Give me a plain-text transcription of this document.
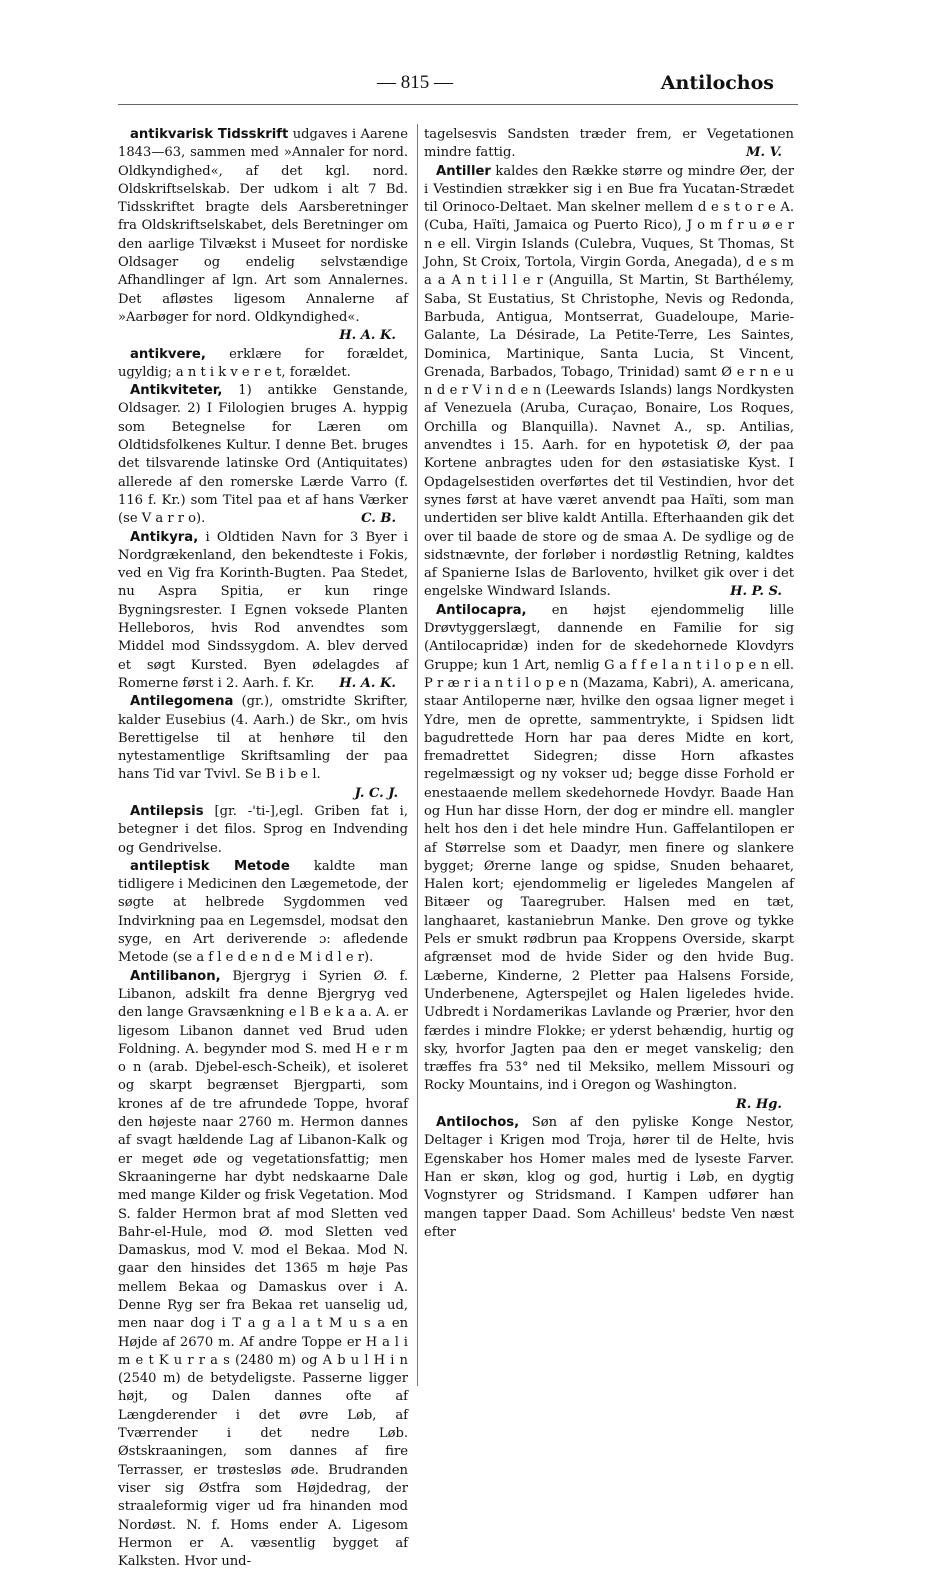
— 815 —	Antilochos

antikvarisk Tidsskrift udgaves i Aarene 1843—63, sammen med »Annaler for nord. Oldkyndighed«, af det kgl. nord. Oldskriftselskab. Der udkom i alt 7 Bd. Tidsskriftet bragte dels Aarsberetninger fra Oldskriftselskabet, dels Beretninger om den aarlige Tilvækst i Museet for nordiske Oldsager og endelig selvstændige Afhandlinger af lgn. Art som Annalernes. Det afløstes ligesom Annalerne af »Aarbøger for nord. Oldkyndighed«.
H. A. K.

antikvere, erklære for forældet, ugyldig; a n t i k v e r e t, forældet.

Antikviteter, 1) antikke Genstande, Oldsager. 2) I Filologien bruges A. hyppig som Betegnelse for Læren om Oldtidsfolkenes Kultur. I denne Bet. bruges det tilsvarende latinske Ord (Antiquitates) allerede af den romerske Lærde Varro (f. 116 f. Kr.) som Titel paa et af hans Værker (se V a r r o).	C. B.

Antikyra, i Oldtiden Navn for 3 Byer i Nordgrækenland, den bekendteste i Fokis, ved en Vig fra Korinth-Bugten. Paa Stedet, nu Aspra Spitia, er kun ringe Bygningsrester. I Egnen voksede Planten Helleboros, hvis Rod anvendtes som Middel mod Sindssygdom. A. blev derved et søgt Kursted. Byen ødelagdes af Romerne først i 2. Aarh. f. Kr.	H. A. K.

Antilegomena (gr.), omstridte Skrifter, kalder Eusebius (4. Aarh.) de Skr., om hvis Berettigelse til at henhøre til den nytestamentlige Skriftsamling der paa hans Tid var Tvivl. Se B i b e l.
J. C. J.

Antilepsis [gr. -'ti-],egl. Griben fat i, betegner i det filos. Sprog en Indvending og Gendrivelse.

antileptisk Metode kaldte man tidligere i Medicinen den Lægemetode, der søgte at helbrede Sygdommen ved Indvirkning paa en Legemsdel, modsat den syge, en Art deriverende ɔ: afledende Metode (se a f l e d e n d e M i d l e r).

Antilibanon, Bjergryg i Syrien Ø. f. Libanon, adskilt fra denne Bjergryg ved den lange Gravsænkning e l B e k a a. A. er ligesom Libanon dannet ved Brud uden Foldning. A. begynder mod S. med H e r m o n (arab. Djebel-esch-Scheik), et isoleret og skarpt begrænset Bjergparti, som krones af de tre afrundede Toppe, hvoraf den højeste naar 2760 m. Hermon dannes af svagt hældende Lag af Libanon-Kalk og er meget øde og vegetationsfattig; men Skraaningerne har dybt nedskaarne Dale med mange Kilder og frisk Vegetation. Mod S. falder Hermon brat af mod Sletten ved Bahr-el-Hule, mod Ø. mod Sletten ved Damaskus, mod V. mod el Bekaa. Mod N. gaar den hinsides det 1365 m høje Pas mellem Bekaa og Damaskus over i A. Denne Ryg ser fra Bekaa ret uanselig ud, men naar dog i T a g a l a t M u s a en Højde af 2670 m. Af andre Toppe er H a l i m e t K u r r a s (2480 m) og A b u l H i n (2540 m) de betydeligste. Passerne ligger højt, og Dalen dannes ofte af Længderender i det øvre Løb, af Tværrender i det nedre Løb. Østskraaningen, som dannes af fire Terrasser, er trøstesløs øde. Brudranden viser sig Østfra som Højdedrag, der straaleformig viger ud fra hinanden mod Nordøst. N. f. Homs ender A. Ligesom Hermon er A. væsentlig bygget af Kalksten. Hvor und-

tagelsesvis Sandsten træder frem, er Vegetationen mindre fattig.	M. V.

Antiller kaldes den Række større og mindre Øer, der i Vestindien strækker sig i en Bue fra Yucatan-Strædet til Orinoco-Deltaet. Man skelner mellem d e s t o r e A. (Cuba, Haïti, Jamaica og Puerto Rico), J o m f r u ø e r n e ell. Virgin Islands (Culebra, Vuques, St Thomas, St John, St Croix, Tortola, Virgin Gorda, Anegada), d e s m a a A n t i l l e r (Anguilla, St Martin, St Barthélemy, Saba, St Eustatius, St Christophe, Nevis og Redonda, Barbuda, Antigua, Montserrat, Guadeloupe, Marie-Galante, La Désirade, La Petite-Terre, Les Saintes, Dominica, Martinique, Santa Lucia, St Vincent, Grenada, Barbados, Tobago, Trinidad) samt Ø e r n e u n d e r V i n d e n (Leewards Islands) langs Nordkysten af Venezuela (Aruba, Curaçao, Bonaire, Los Roques, Orchilla og Blanquilla). Navnet A., sp. Antilias, anvendtes i 15. Aarh. for en hypotetisk Ø, der paa Kortene anbragtes uden for den østasiatiske Kyst. I Opdagelsestiden overførtes det til Vestindien, hvor det synes først at have været anvendt paa Haïti, som man undertiden ser blive kaldt Antilla. Efterhaanden gik det over til baade de store og de smaa A. De sydlige og de sidstnævnte, der forløber i nordøstlig Retning, kaldtes af Spanierne Islas de Barlovento, hvilket gik over i det engelske Windward Islands.	H. P. S.

Antilocapra, en højst ejendommelig lille Drøvtyggerslægt, dannende en Familie for sig (Antilocapridæ) inden for de skedehornede Klovdyrs Gruppe; kun 1 Art, nemlig G a f f e l a n t i l o p e n ell. P r æ r i a n t i l o p e n (Mazama, Kabri), A. americana, staar Antiloperne nær, hvilke den ogsaa ligner meget i Ydre, men de oprette, sammentrykte, i Spidsen lidt bagudrettede Horn har paa deres Midte en kort, fremadrettet Sidegren; disse Horn afkastes regelmæssigt og ny vokser ud; begge disse Forhold er enestaaende mellem skedehornede Hovdyr. Baade Han og Hun har disse Horn, der dog er mindre ell. mangler helt hos den i det hele mindre Hun. Gaffelantilopen er af Størrelse som et Daadyr, men finere og slankere bygget; Ørerne lange og spidse, Snuden behaaret, Halen kort; ejendommelig er ligeledes Mangelen af Bitæer og Taaregruber. Halsen med en tæt, langhaaret, kastaniebrun Manke. Den grove og tykke Pels er smukt rødbrun paa Kroppens Overside, skarpt afgrænset mod de hvide Sider og den hvide Bug. Læberne, Kinderne, 2 Pletter paa Halsens Forside, Underbenene, Agterspejlet og Halen ligeledes hvide. Udbredt i Nordamerikas Lavlande og Prærier, hvor den færdes i mindre Flokke; er yderst behændig, hurtig og sky, hvorfor Jagten paa den er meget vanskelig; den træffes fra 53° ned til Meksiko, mellem Missouri og Rocky Mountains, ind i Oregon og Washington.
R. Hg.

Antilochos, Søn af den pyliske Konge Nestor, Deltager i Krigen mod Troja, hører til de Helte, hvis Egenskaber hos Homer males med de lyseste Farver. Han er skøn, klog og god, hurtig i Løb, en dygtig Vognstyrer og Stridsmand. I Kampen udfører han mangen tapper Daad. Som Achilleus' bedste Ven næst efter
